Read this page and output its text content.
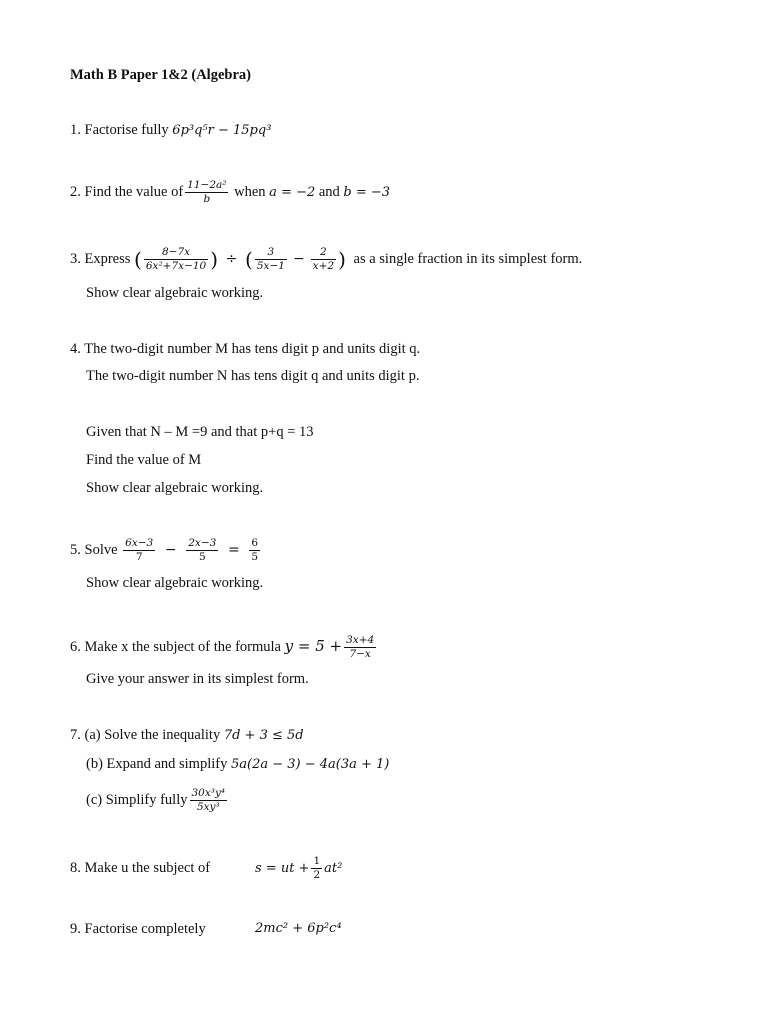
Math B Paper 1&2 (Algebra)
1. Factorise fully 6p³q⁵r − 15pq³
2. Find the value of $\frac{\text{11−2a²}}{b}$ when a = −2 and b = −3
3. Express ( $\frac{8-7x}{\text{6x²+7x−10}}$ ) ÷ ( $\frac{3}{5x-1} - \frac{2}{x+2}$ ) as a single fraction in its simplest form.
Show clear algebraic working.
4. The two-digit number M has tens digit p and units digit q.
The two-digit number N has tens digit q and units digit p.
Given that N – M =9 and that p+q = 13
Find the value of M
Show clear algebraic working.
5. Solve $\frac{6x-3}{7} - \frac{2x-3}{5} = \frac{6}{5}$
Show clear algebraic working.
6. Make x the subject of the formula $y = 5 + \frac{3x+4}{7-x}$
Give your answer in its simplest form.
7. (a) Solve the inequality 7d + 3 ≤ 5d
(b) Expand and simplify 5a(2a − 3) − 4a(3a + 1)
(c) Simplify fully $\frac{\text{30x³y⁴}}{\text{5xy³}}$
8. Make u the subject of	s = ut + $\frac{1}{2} at^2$
9. Factorise completely	2mc² + 6p²c⁴
